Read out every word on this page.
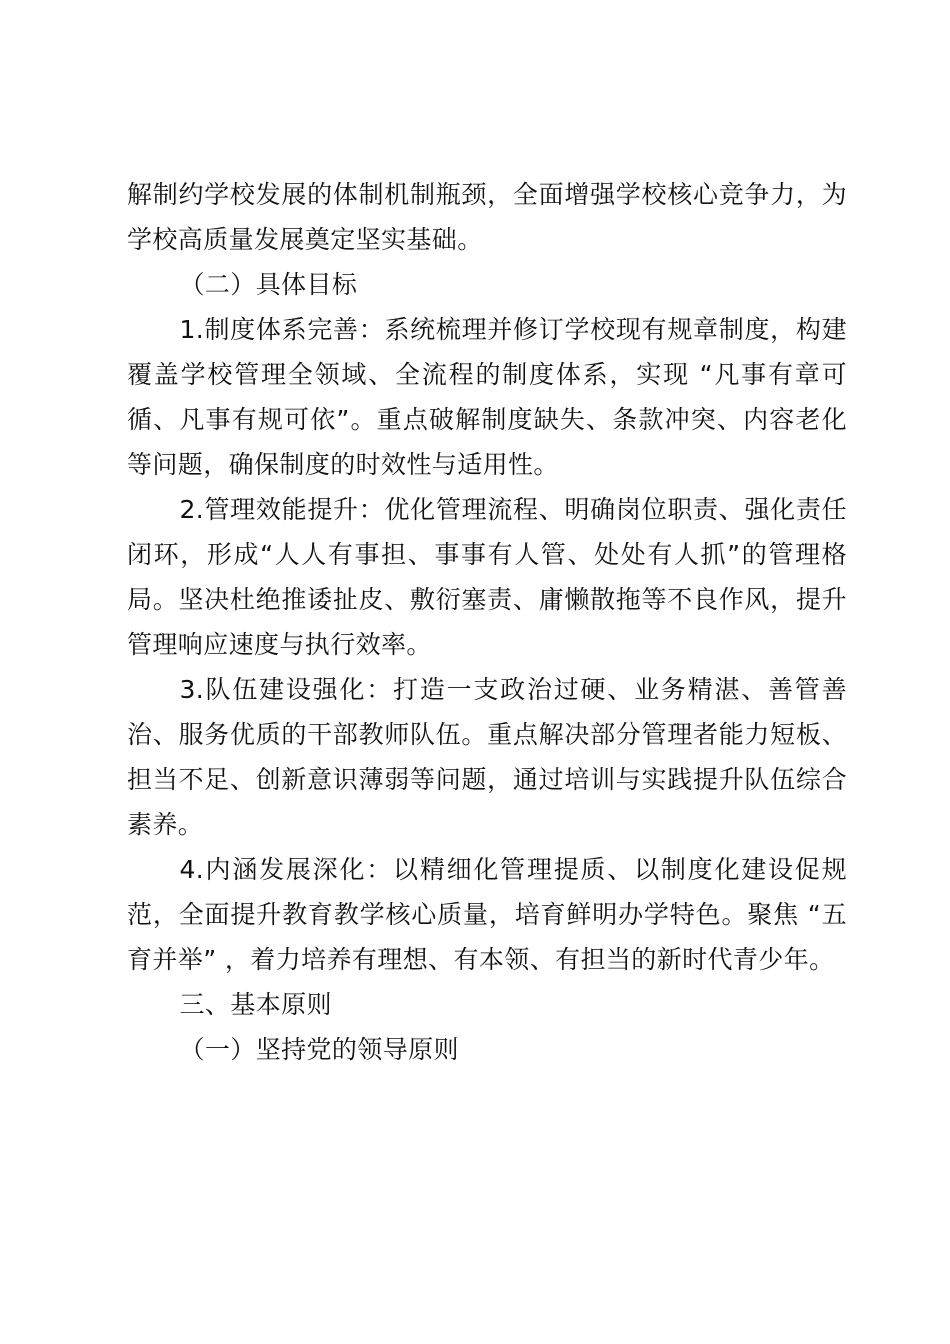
解制约学校发展的体制机制瓶颈，全面增强学校核心竞争力，为学校高质量发展奠定坚实基础。

（二）具体目标

1.制度体系完善：系统梳理并修订学校现有规章制度，构建覆盖学校管理全领域、全流程的制度体系，实现 “凡事有章可循、凡事有规可依”。重点破解制度缺失、条款冲突、内容老化等问题，确保制度的时效性与适用性。

2.管理效能提升：优化管理流程、明确岗位职责、强化责任闭环，形成“人人有事担、事事有人管、处处有人抓”的管理格局。坚决杜绝推诿扯皮、敷衍塞责、庸懒散拖等不良作风，提升管理响应速度与执行效率。

3.队伍建设强化：打造一支政治过硬、业务精湛、善管善治、服务优质的干部教师队伍。重点解决部分管理者能力短板、担当不足、创新意识薄弱等问题，通过培训与实践提升队伍综合素养。

4.内涵发展深化：以精细化管理提质、以制度化建设促规范，全面提升教育教学核心质量，培育鲜明办学特色。聚焦 “五育并举” ，着力培养有理想、有本领、有担当的新时代青少年。

三、基本原则

（一）坚持党的领导原则
